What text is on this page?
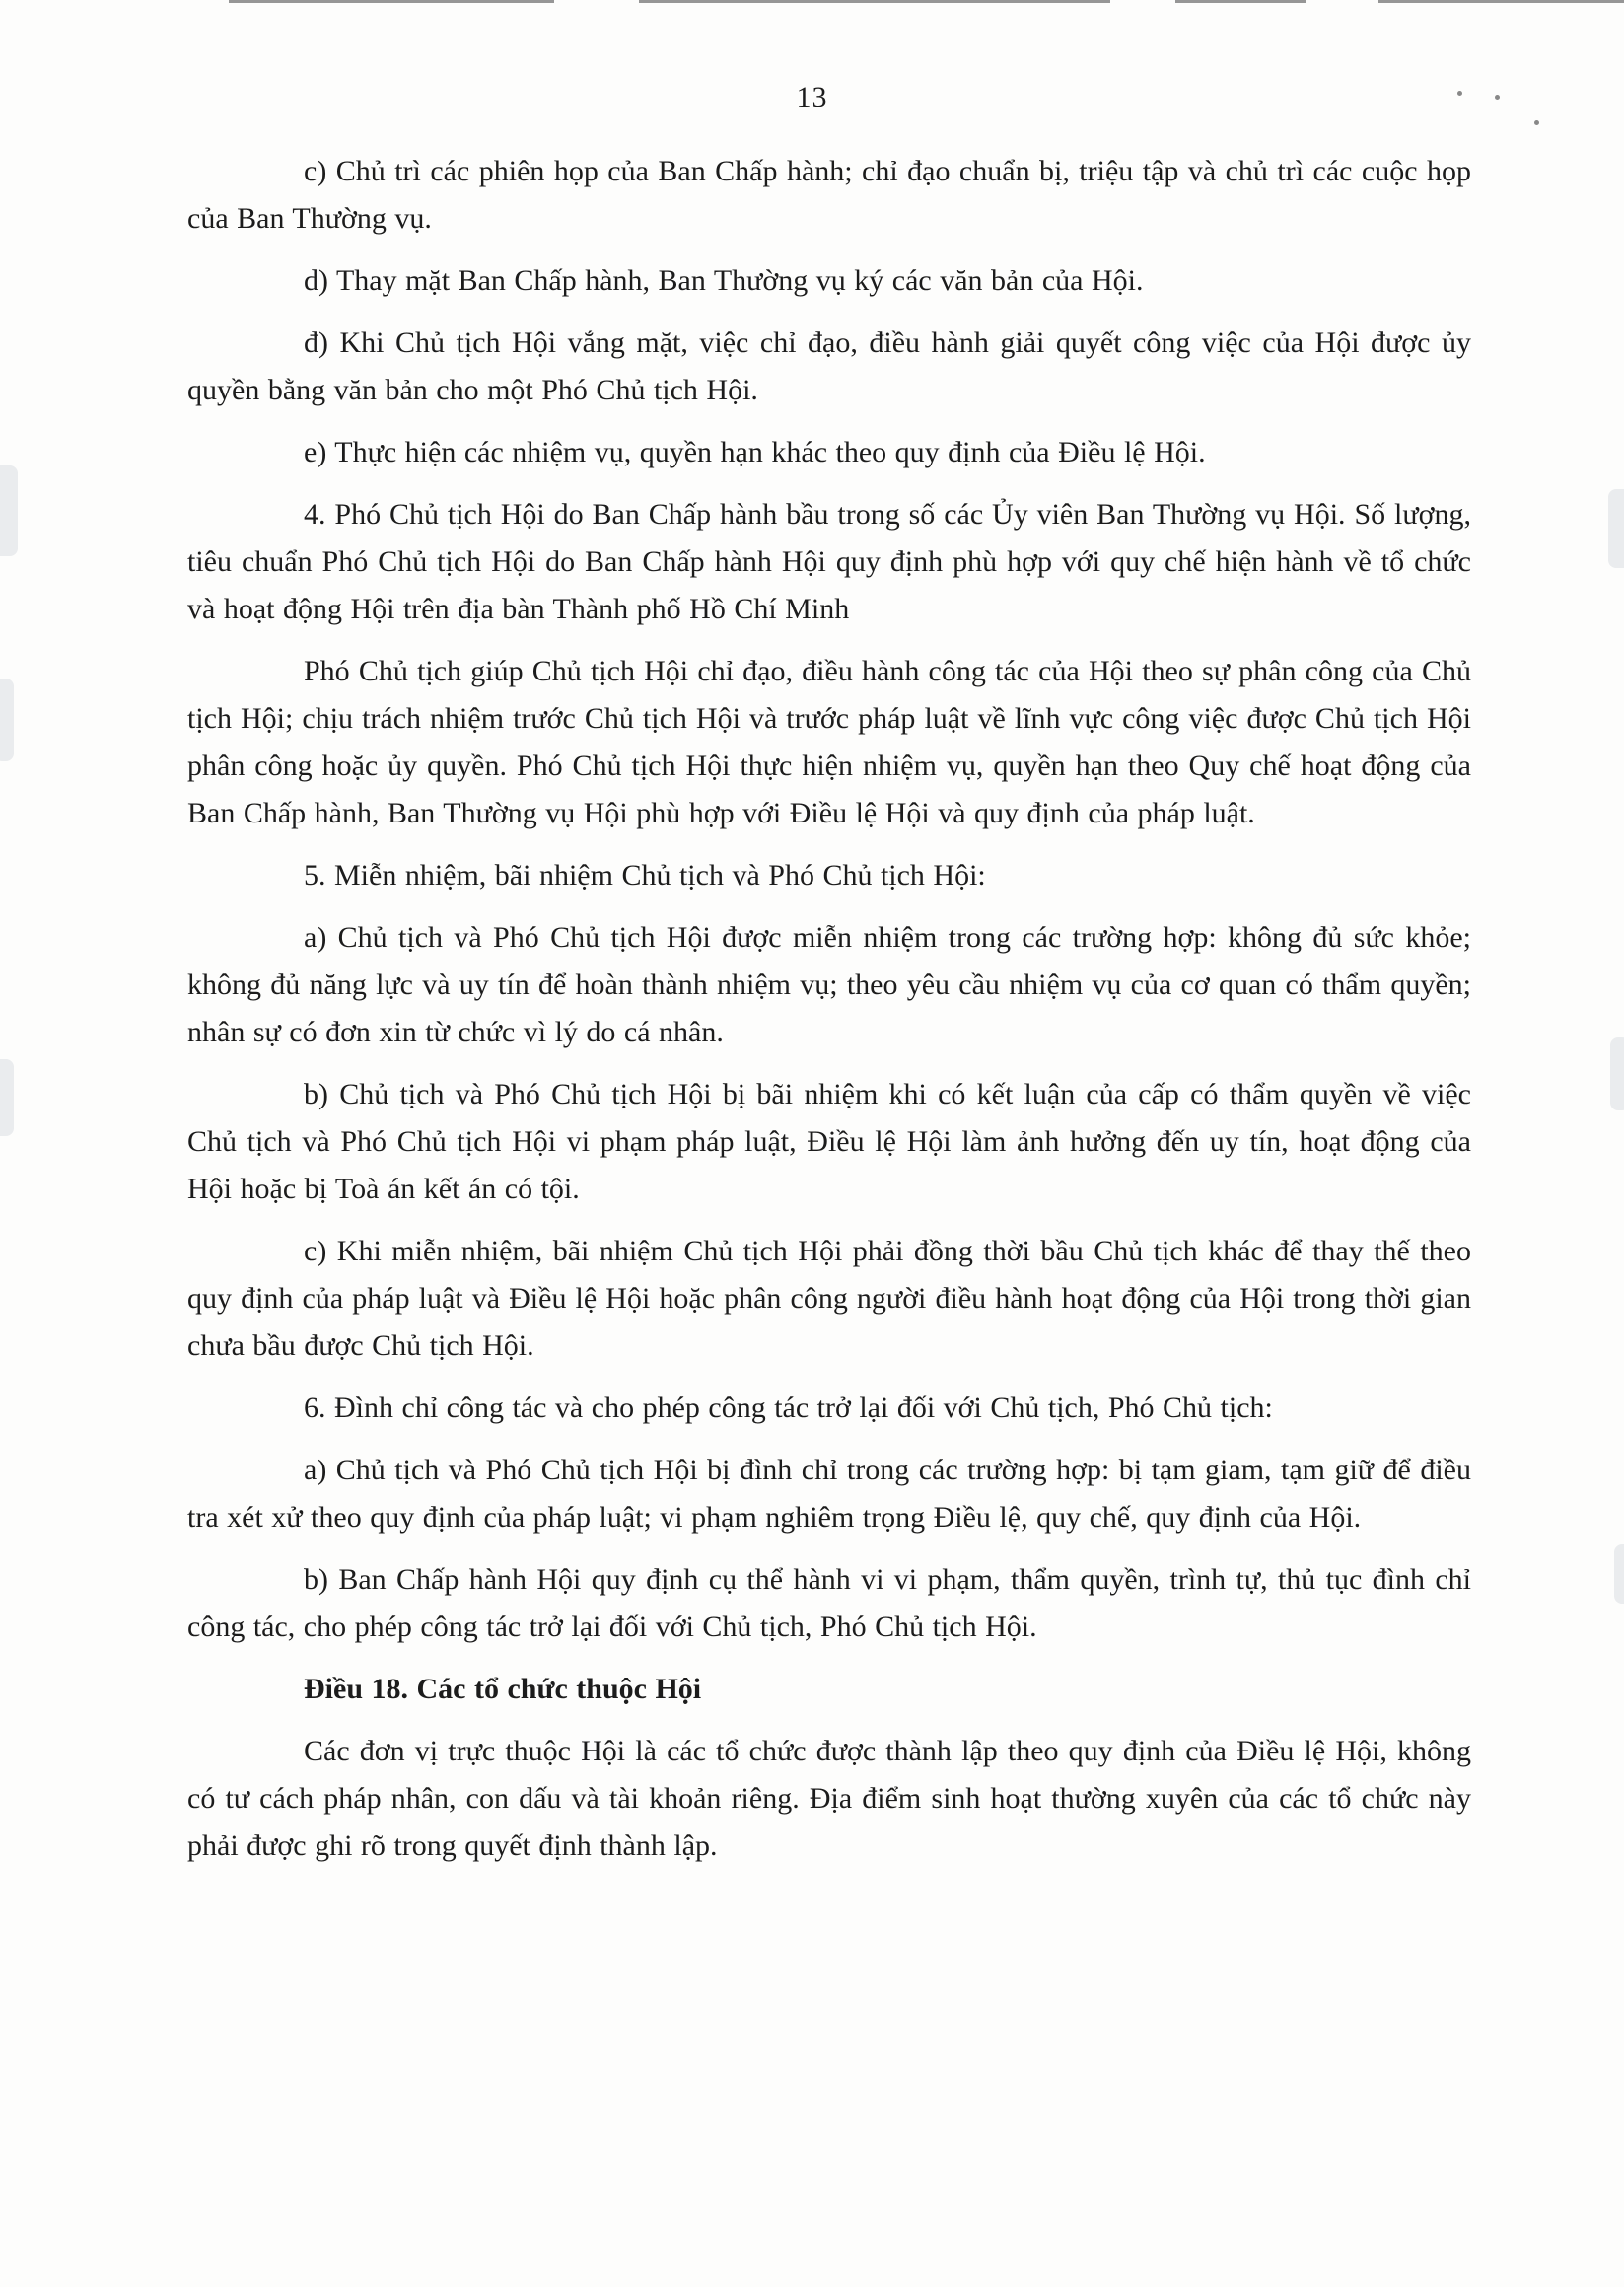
13

c) Chủ trì các phiên họp của Ban Chấp hành; chỉ đạo chuẩn bị, triệu tập và chủ trì các cuộc họp của Ban Thường vụ.

d) Thay mặt Ban Chấp hành, Ban Thường vụ ký các văn bản của Hội.

đ) Khi Chủ tịch Hội vắng mặt, việc chỉ đạo, điều hành giải quyết công việc của Hội được ủy quyền bằng văn bản cho một Phó Chủ tịch Hội.

e) Thực hiện các nhiệm vụ, quyền hạn khác theo quy định của Điều lệ Hội.

4. Phó Chủ tịch Hội do Ban Chấp hành bầu trong số các Ủy viên Ban Thường vụ Hội. Số lượng, tiêu chuẩn Phó Chủ tịch Hội do Ban Chấp hành Hội quy định phù hợp với quy chế hiện hành về tổ chức và hoạt động Hội trên địa bàn Thành phố Hồ Chí Minh

Phó Chủ tịch giúp Chủ tịch Hội chỉ đạo, điều hành công tác của Hội theo sự phân công của Chủ tịch Hội; chịu trách nhiệm trước Chủ tịch Hội và trước pháp luật về lĩnh vực công việc được Chủ tịch Hội phân công hoặc ủy quyền. Phó Chủ tịch Hội thực hiện nhiệm vụ, quyền hạn theo Quy chế hoạt động của Ban Chấp hành, Ban Thường vụ Hội phù hợp với Điều lệ Hội và quy định của pháp luật.

5. Miễn nhiệm, bãi nhiệm Chủ tịch và Phó Chủ tịch Hội:

a) Chủ tịch và Phó Chủ tịch Hội được miễn nhiệm trong các trường hợp: không đủ sức khỏe; không đủ năng lực và uy tín để hoàn thành nhiệm vụ; theo yêu cầu nhiệm vụ của cơ quan có thẩm quyền; nhân sự có đơn xin từ chức vì lý do cá nhân.

b) Chủ tịch và Phó Chủ tịch Hội bị bãi nhiệm khi có kết luận của cấp có thẩm quyền về việc Chủ tịch và Phó Chủ tịch Hội vi phạm pháp luật, Điều lệ Hội làm ảnh hưởng đến uy tín, hoạt động của Hội hoặc bị Toà án kết án có tội.

c) Khi miễn nhiệm, bãi nhiệm Chủ tịch Hội phải đồng thời bầu Chủ tịch khác để thay thế theo quy định của pháp luật và Điều lệ Hội hoặc phân công người điều hành hoạt động của Hội trong thời gian chưa bầu được Chủ tịch Hội.

6. Đình chỉ công tác và cho phép công tác trở lại đối với Chủ tịch, Phó Chủ tịch:

a) Chủ tịch và Phó Chủ tịch Hội bị đình chỉ trong các trường hợp: bị tạm giam, tạm giữ để điều tra xét xử theo quy định của pháp luật; vi phạm nghiêm trọng Điều lệ, quy chế, quy định của Hội.

b) Ban Chấp hành Hội quy định cụ thể hành vi vi phạm, thẩm quyền, trình tự, thủ tục đình chỉ công tác, cho phép công tác trở lại đối với Chủ tịch, Phó Chủ tịch Hội.

Điều 18. Các tổ chức thuộc Hội

Các đơn vị trực thuộc Hội là các tổ chức được thành lập theo quy định của Điều lệ Hội, không có tư cách pháp nhân, con dấu và tài khoản riêng. Địa điểm sinh hoạt thường xuyên của các tổ chức này phải được ghi rõ trong quyết định thành lập.
